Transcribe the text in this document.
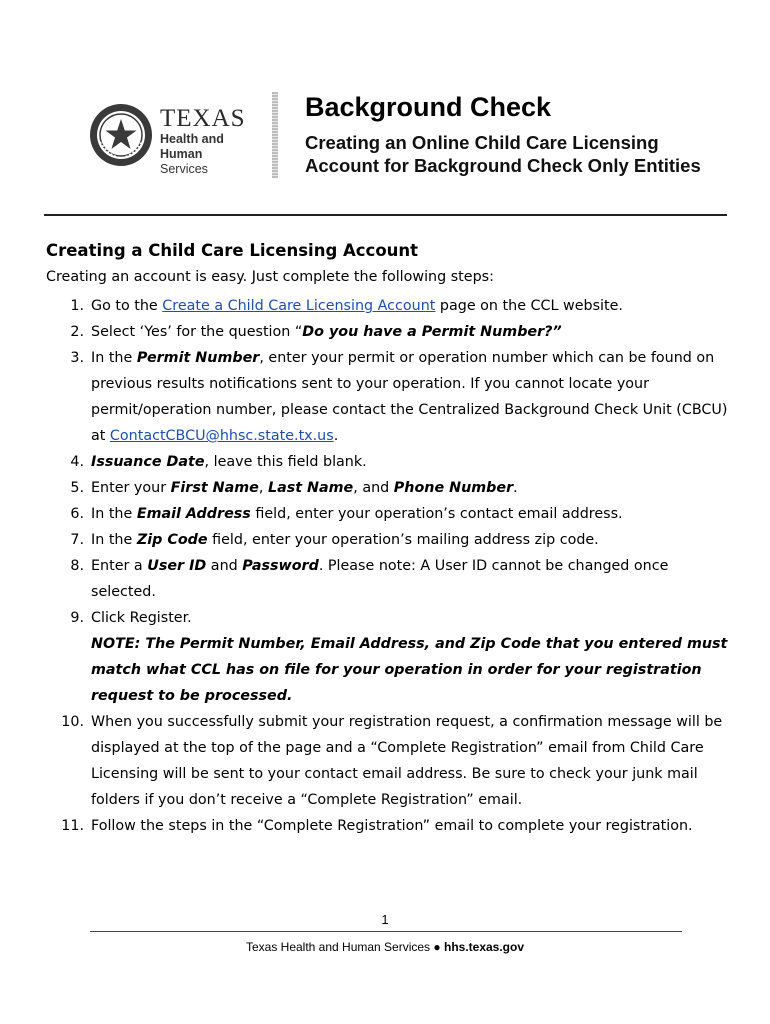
TEXAS
Health and Human
Services
Background Check
Creating an Online Child Care Licensing Account for Background Check Only Entities
Creating a Child Care Licensing Account
Creating an account is easy. Just complete the following steps:
1. Go to the Create a Child Care Licensing Account page on the CCL website.
2. Select ‘Yes’ for the question “Do you have a Permit Number?”
3. In the Permit Number, enter your permit or operation number which can be found on
previous results notifications sent to your operation. If you cannot locate your
permit/operation number, please contact the Centralized Background Check Unit (CBCU)
at ContactCBCU@hhsc.state.tx.us.
4. Issuance Date, leave this field blank.
5. Enter your First Name, Last Name, and Phone Number.
6. In the Email Address field, enter your operation’s contact email address.
7. In the Zip Code field, enter your operation’s mailing address zip code.
8. Enter a User ID and Password. Please note: A User ID cannot be changed once
selected.
9. Click Register.
NOTE: The Permit Number, Email Address, and Zip Code that you entered must
match what CCL has on file for your operation in order for your registration
request to be processed.
10. When you successfully submit your registration request, a confirmation message will be
displayed at the top of the page and a “Complete Registration” email from Child Care
Licensing will be sent to your contact email address. Be sure to check your junk mail
folders if you don’t receive a “Complete Registration” email.
11. Follow the steps in the “Complete Registration” email to complete your registration.
1
Texas Health and Human Services ● hhs.texas.gov
